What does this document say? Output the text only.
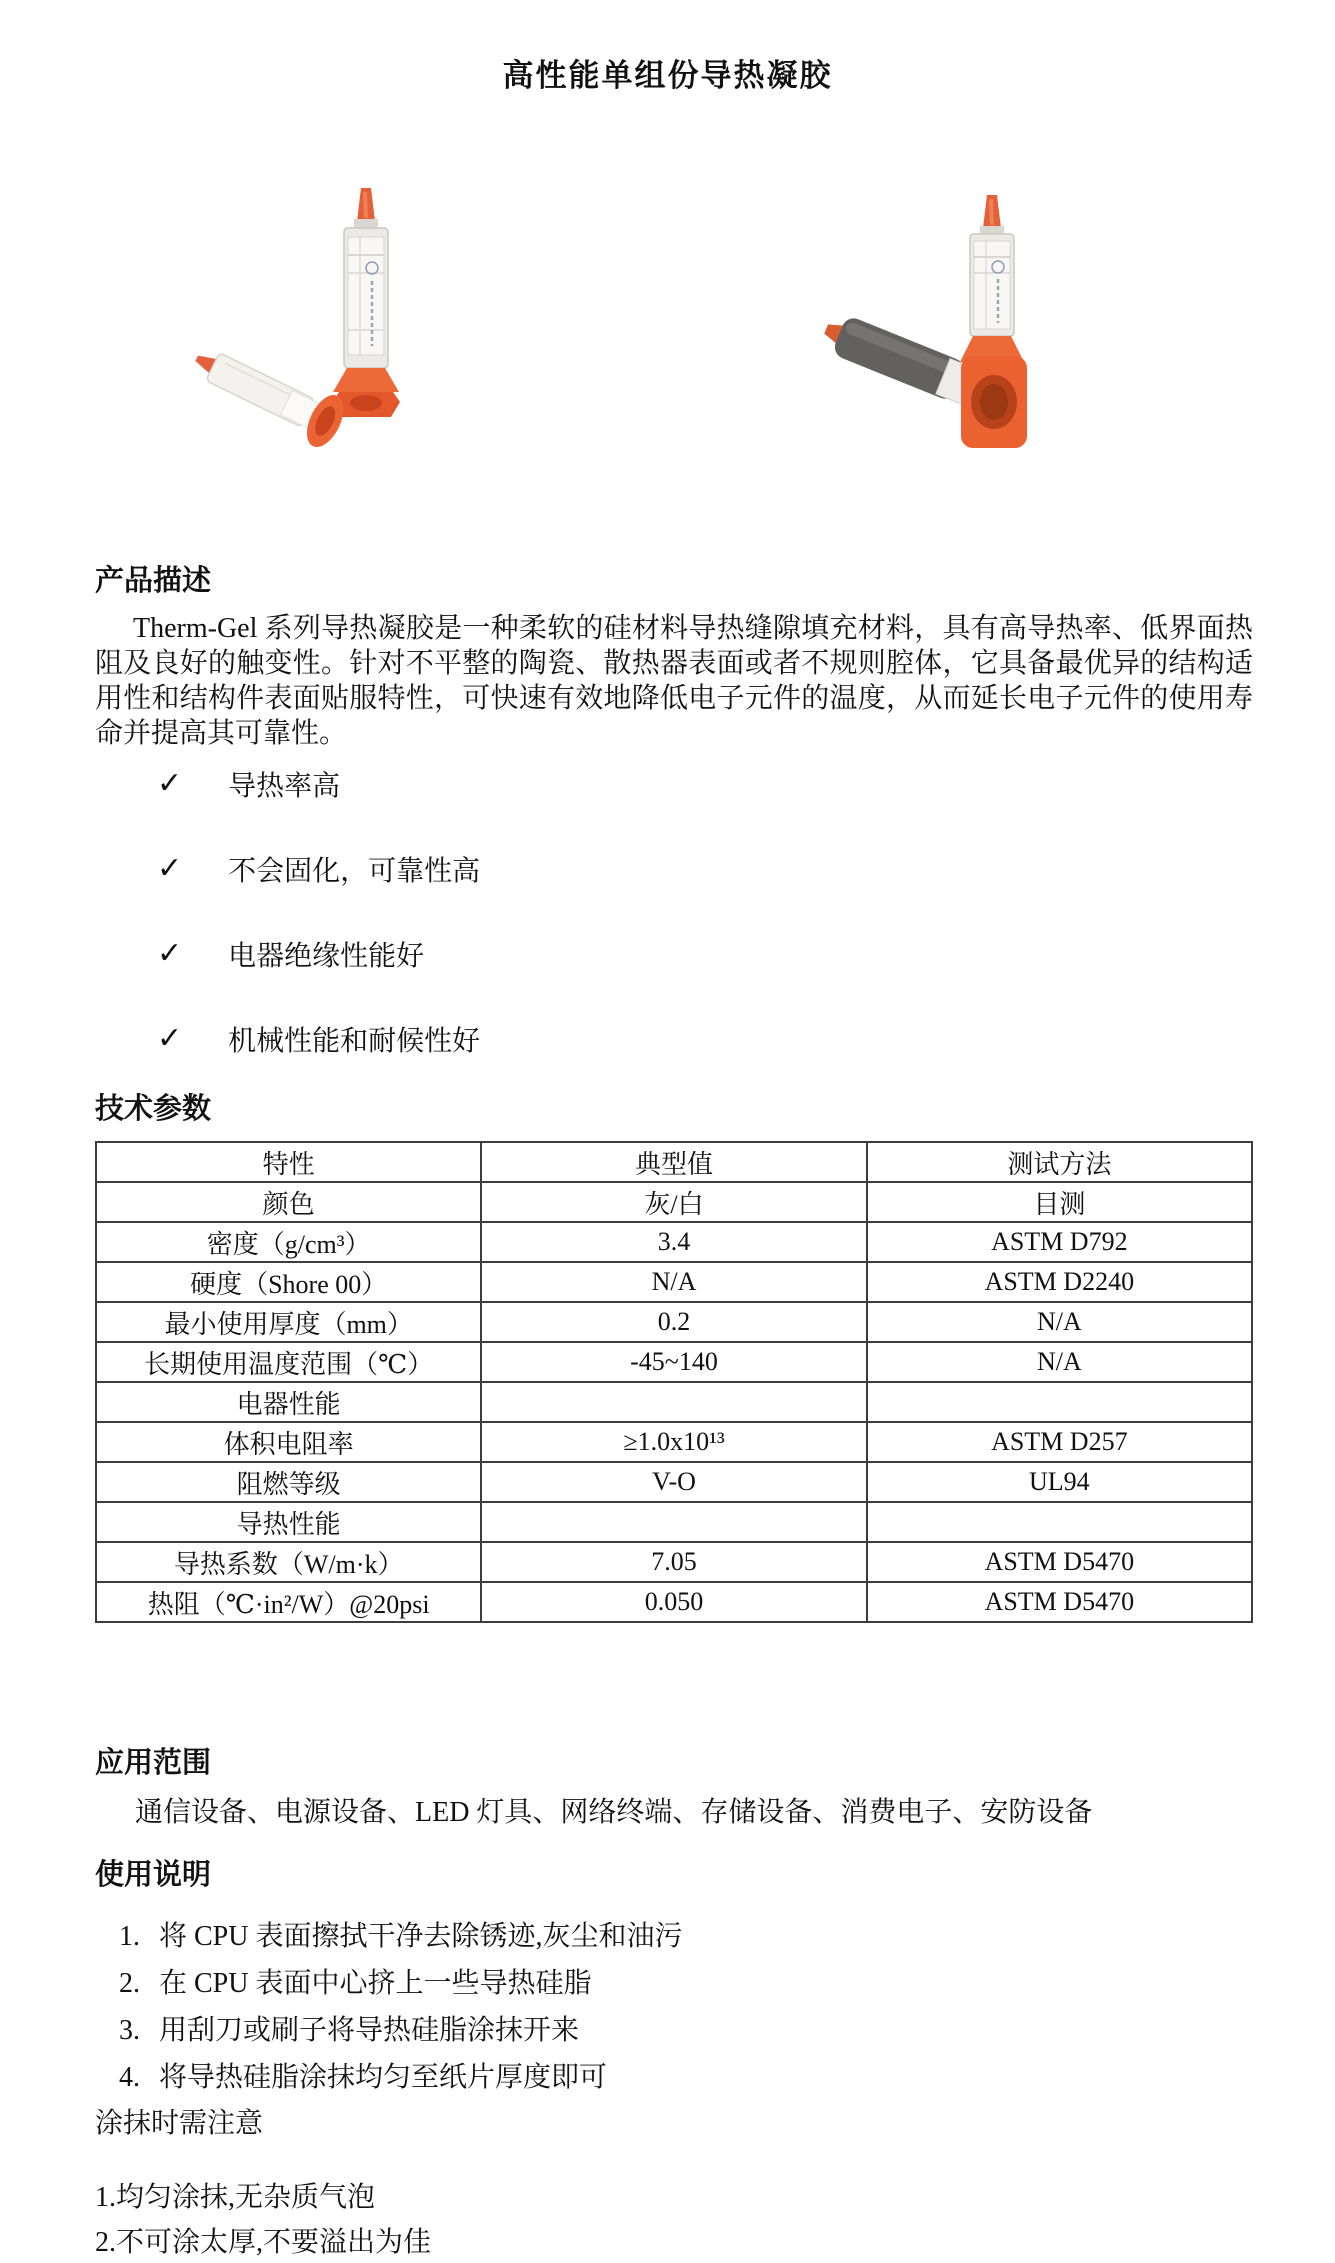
高性能单组份导热凝胶
产品描述

Therm-Gel 系列导热凝胶是一种柔软的硅材料导热缝隙填充材料，具有高导热率、低界面热阻及良好的触变性。针对不平整的陶瓷、散热器表面或者不规则腔体，它具备最优异的结构适用性和结构件表面贴服特性，可快速有效地降低电子元件的温度，从而延长电子元件的使用寿命并提高其可靠性。

✓ 导热率高
✓ 不会固化，可靠性高
✓ 电器绝缘性能好
✓ 机械性能和耐候性好
技术参数
特性	典型值	测试方法
颜色	灰/白	目测
密度（g/cm³）	3.4	ASTM D792
硬度（Shore 00）	N/A	ASTM D2240
最小使用厚度（mm）	0.2	N/A
长期使用温度范围（℃）	-45~140	N/A
电器性能		
体积电阻率	≥1.0x10¹³	ASTM D257
阻燃等级	V-O	UL94
导热性能		
导热系数（W/m·k）	7.05	ASTM D5470
热阻（℃·in²/W）@20psi	0.050	ASTM D5470
应用范围

通信设备、电源设备、LED 灯具、网络终端、存储设备、消费电子、安防设备

使用说明
1. 将 CPU 表面擦拭干净去除锈迹,灰尘和油污
2. 在 CPU 表面中心挤上一些导热硅脂
3. 用刮刀或刷子将导热硅脂涂抹开来
4. 将导热硅脂涂抹均匀至纸片厚度即可

涂抹时需注意

1.均匀涂抹,无杂质气泡
2.不可涂太厚,不要溢出为佳
